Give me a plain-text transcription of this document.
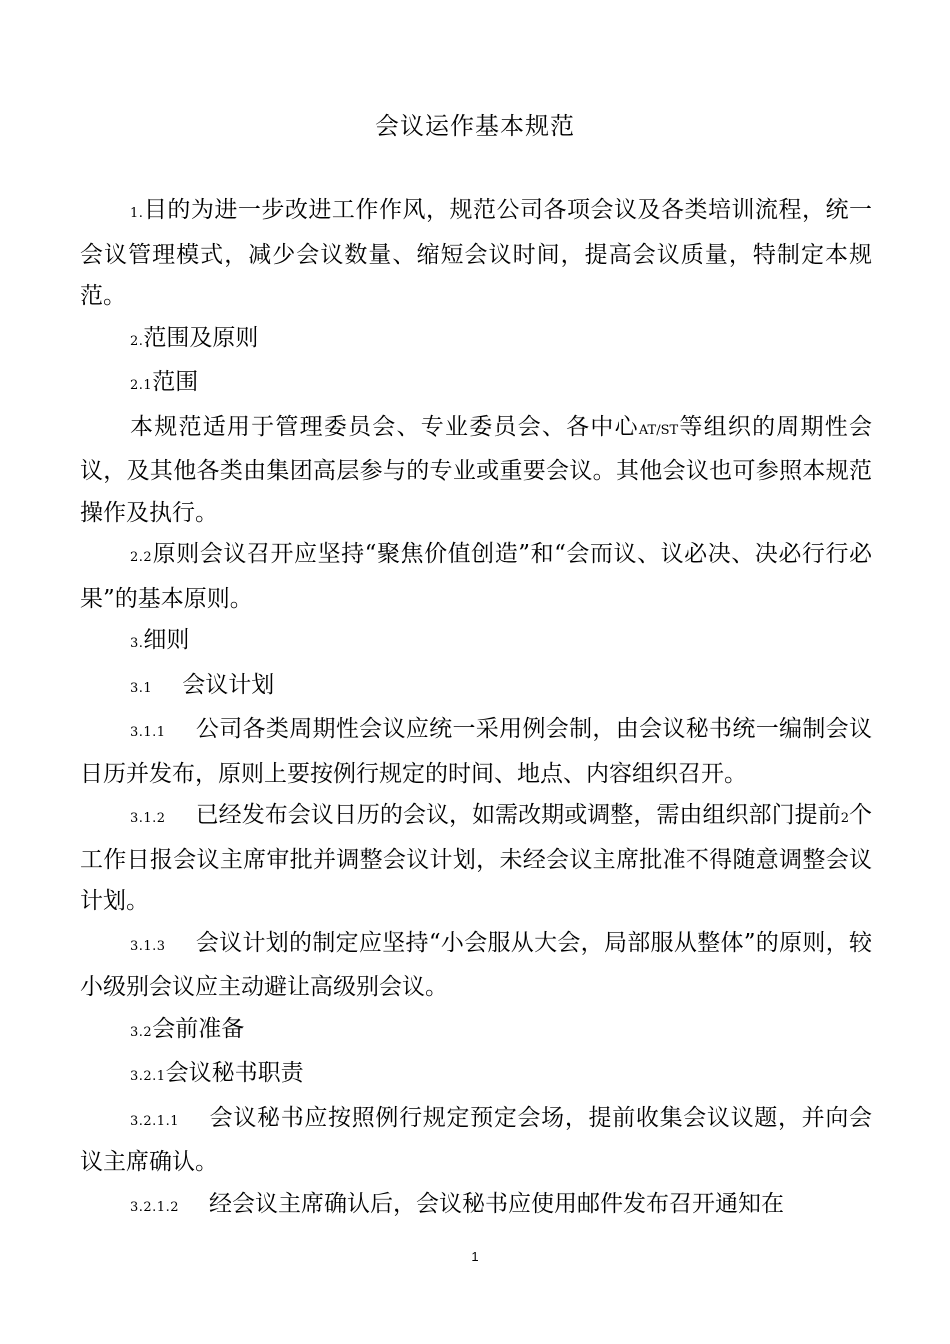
会议运作基本规范

1.目的为进一步改进工作作风，规范公司各项会议及各类培训流程，统一会议管理模式，减少会议数量、缩短会议时间，提高会议质量，特制定本规范。

2.范围及原则

2.1范围

本规范适用于管理委员会、专业委员会、各中心AT/ST等组织的周期性会议，及其他各类由集团高层参与的专业或重要会议。其他会议也可参照本规范操作及执行。

2.2原则会议召开应坚持“聚焦价值创造”和“会而议、议必决、决必行行必果”的基本原则。

3.细则

3.1 会议计划

3.1.1 公司各类周期性会议应统一采用例会制，由会议秘书统一编制会议日历并发布，原则上要按例行规定的时间、地点、内容组织召开。

3.1.2 已经发布会议日历的会议，如需改期或调整，需由组织部门提前2个工作日报会议主席审批并调整会议计划，未经会议主席批准不得随意调整会议计划。

3.1.3 会议计划的制定应坚持“小会服从大会，局部服从整体”的原则，较小级别会议应主动避让高级别会议。

3.2会前准备

3.2.1会议秘书职责

3.2.1.1 会议秘书应按照例行规定预定会场，提前收集会议议题，并向会议主席确认。

3.2.1.2 经会议主席确认后，会议秘书应使用邮件发布召开通知在

1
